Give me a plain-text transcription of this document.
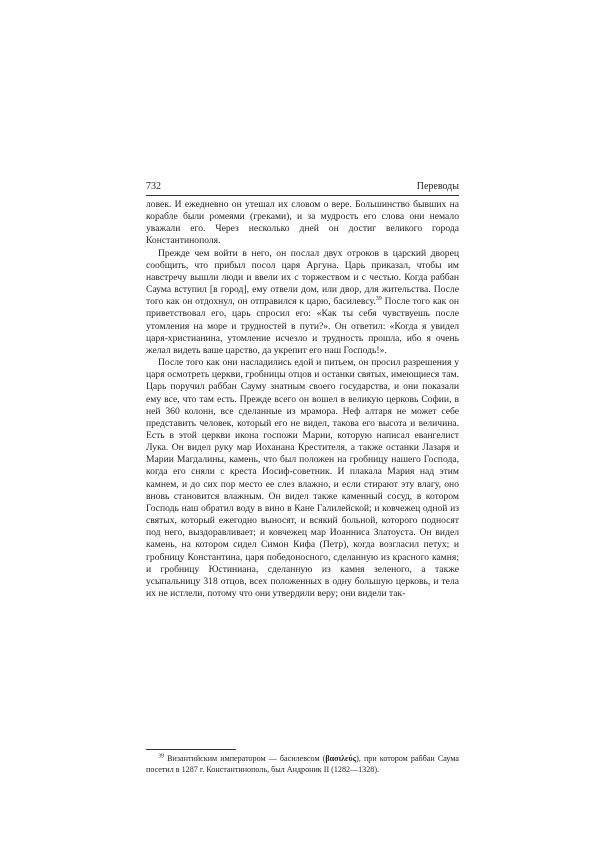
732	Переводы

ловек. И ежедневно он утешал их словом о вере. Большинство бывших на корабле были ромеями (греками), и за мудрость его слова они немало уважали его. Через несколько дней он достиг великого города Константинополя.

Прежде чем войти в него, он послал двух отроков в царский дворец сообщить, что прибыл посол царя Аргуна. Царь приказал, чтобы им навстречу вышли люди и ввели их с торжеством и с честью. Когда раббан Саума вступил [в город], ему отвели дом, или двор, для жительства. После того как он отдохнул, он отправился к царю, басилевсу.$^{39}$ После того как он приветствовал его, царь спросил его: «Как ты себя чувствуешь после утомления на море и трудностей в пути?». Он ответил: «Когда я увидел царя-христианина, утомление исчезло и трудность прошла, ибо я очень желал видеть ваше царство, да укрепит его наш Господь!».

После того как они насладились едой и питьем, он просил разрешения у царя осмотреть церкви, гробницы отцов и останки святых, имеющиеся там. Царь поручил раббан Сауму знатным своего государства, и они показали ему все, что там есть. Прежде всего он вошел в великую церковь Софии, в ней 360 колонн, все сделанные из мрамора. Неф алтаря не может себе представить человек, который его не видел, такова его высота и величина. Есть в этой церкви икона госпожи Марии, которую написал евангелист Лука. Он видел руку мар Иоханана Крестителя, а также останки Лазаря и Марии Магдалины, камень, что был положен на гробницу нашего Господа, когда его сняли с креста Иосиф-советник. И плакала Мария над этим камнем, и до сих пор место ее слез влажно, и если стирают эту влагу, оно вновь становится влажным. Он видел также каменный сосуд, в котором Господь наш обратил воду в вино в Кане Галилейской; и ковчежец одной из святых, который ежегодно выносят, и всякий больной, которого подносят под него, выздоравливает; и ковчежец мар Иоанниса Златоуста. Он видел камень, на котором сидел Симон Кифа (Петр), когда возгласил петух; и гробницу Константина, царя победоносного, сделанную из красного камня; и гробницу Юстиниана, сделанную из камня зеленого, а также усыпальницу 318 отцов, всех положенных в одну большую церковь, и тела их не истлели, потому что они утвердили веру; они видели так-

$^{39}$ Византийским императором — басилевсом (βασιλεύς), при котором раббан Саума посетил в 1287 г. Константинополь, был Андроник II (1282—1328).
